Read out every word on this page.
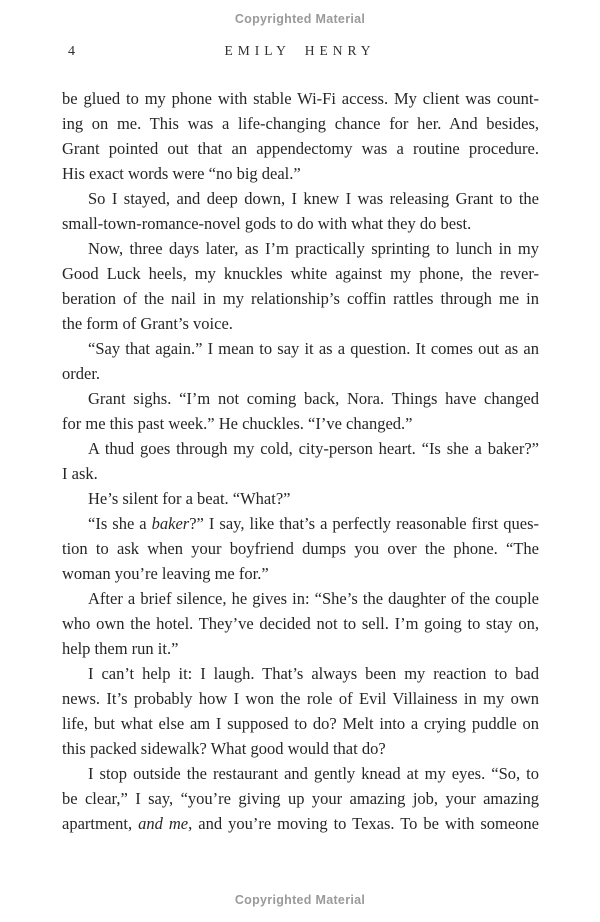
Copyrighted Material
4	EMILY HENRY
be glued to my phone with stable Wi-Fi access. My client was count-
ing on me. This was a life-changing chance for her. And besides,
Grant pointed out that an appendectomy was a routine procedure.
His exact words were “no big deal.”
So I stayed, and deep down, I knew I was releasing Grant to the
small-town-romance-novel gods to do with what they do best.
Now, three days later, as I’m practically sprinting to lunch in my
Good Luck heels, my knuckles white against my phone, the rever-
beration of the nail in my relationship’s coffin rattles through me in
the form of Grant’s voice.
“Say that again.” I mean to say it as a question. It comes out as an
order.
Grant sighs. “I’m not coming back, Nora. Things have changed
for me this past week.” He chuckles. “I’ve changed.”
A thud goes through my cold, city-person heart. “Is she a baker?”
I ask.
He’s silent for a beat. “What?”
“Is she a baker?” I say, like that’s a perfectly reasonable first ques-
tion to ask when your boyfriend dumps you over the phone. “The
woman you’re leaving me for.”
After a brief silence, he gives in: “She’s the daughter of the couple
who own the hotel. They’ve decided not to sell. I’m going to stay on,
help them run it.”
I can’t help it: I laugh. That’s always been my reaction to bad
news. It’s probably how I won the role of Evil Villainess in my own
life, but what else am I supposed to do? Melt into a crying puddle on
this packed sidewalk? What good would that do?
I stop outside the restaurant and gently knead at my eyes. “So, to
be clear,” I say, “you’re giving up your amazing job, your amazing
apartment, and me, and you’re moving to Texas. To be with someone
Copyrighted Material
